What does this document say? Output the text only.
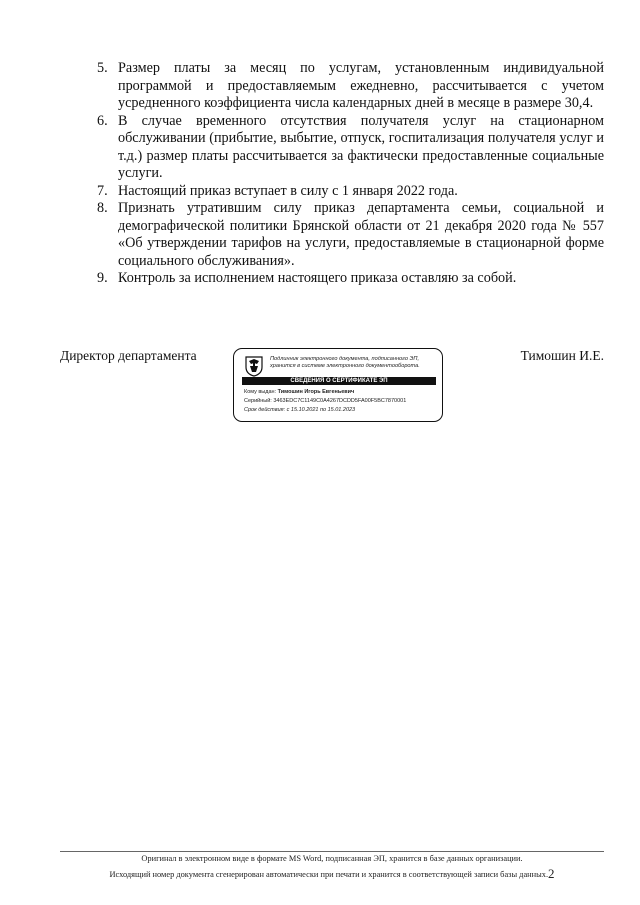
5. Размер платы за месяц по услугам, установленным индивидуальной программой и предоставляемым ежедневно, рассчитывается с учетом усредненного коэффициента числа календарных дней в месяце в размере 30,4.
6. В случае временного отсутствия получателя услуг на стационарном обслуживании (прибытие, выбытие, отпуск, госпитализация получателя услуг и т.д.) размер платы рассчитывается за фактически предоставленные социальные услуги.
7. Настоящий приказ вступает в силу с 1 января 2022 года.
8. Признать утратившим силу приказ департамента семьи, социальной и демографической политики Брянской области от 21 декабря 2020 года № 557 «Об утверждении тарифов на услуги, предоставляемые в стационарной форме социального обслуживания».
9. Контроль за исполнением настоящего приказа оставляю за собой.
Директор департамента	Подлинник электронного документа, подписанного ЭП,
хранится в системе электронного документооборота.
СВЕДЕНИЯ О СЕРТИФИКАТЕ ЭП
Кому выдан: Тимошин Игорь Евгеньевич
Серийный: 3463EDC7C1149C0A4267DCDD5FA00F5BC7870001
Срок действия: с 15.10.2021 по 15.01.2023
Тимошин И.Е.
Оригинал в электронном виде в формате MS Word, подписанная ЭП, хранится в базе данных организации.
Исходящий номер документа сгенерирован автоматически при печати и хранится в соответствующей записи базы данных.2
